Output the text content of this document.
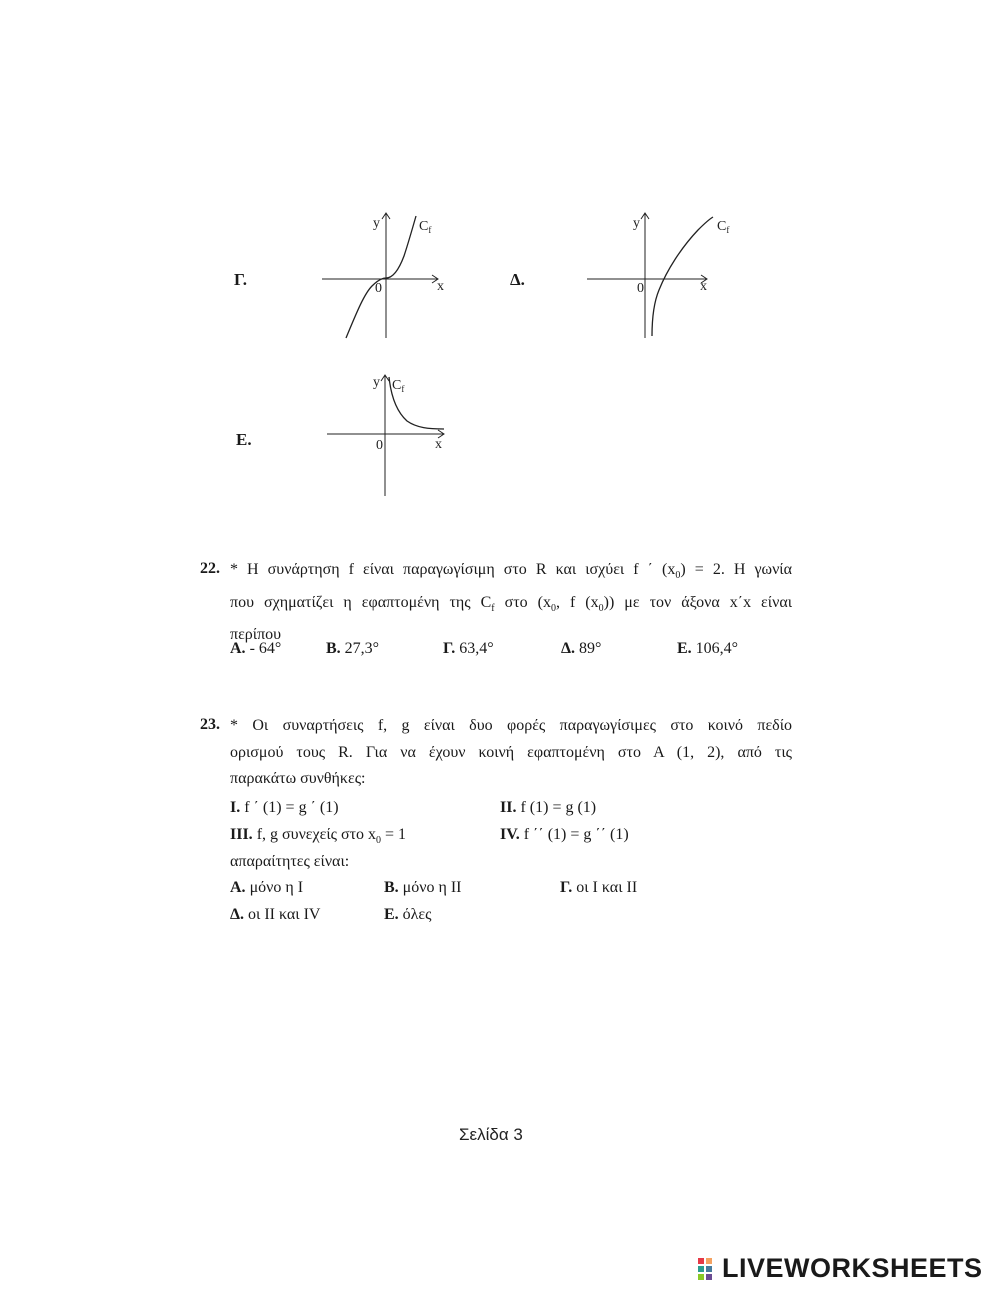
Γ.
y
x
0
$C_f$
Δ.
y
x
0
$C_f$
Ε.
y
x
0
$C_f$
22. * Η συνάρτηση f είναι παραγωγίσιμη στο R και ισχύει f ΄ $(x_0) = 2$. Η γωνία
που σχηματίζει η εφαπτομένη της $C_f$ στο ($x_0$, f $(x_0)$) με τον άξονα x΄x είναι
περίπου
Α. - 64°	Β. 27,3°	Γ. 63,4°	Δ. 89°	Ε. 106,4°
23. * Οι συναρτήσεις f, g είναι δυο φορές παραγωγίσιμες στο κοινό πεδίο
ορισμού τους R. Για να έχουν κοινή εφαπτομένη στο Α (1, 2), από τις
παρακάτω συνθήκες:
Ι. f ΄ (1) = g ΄ (1)	ΙΙ. f (1) = g (1)
ΙΙΙ. f, g συνεχείς στο $x_0 = 1$	ΙV. f ΄΄ (1) = g ΄΄ (1)
απαραίτητες είναι:
Α. μόνο η Ι	Β. μόνο η ΙΙ	Γ. οι Ι και ΙΙ
Δ. οι ΙΙ και ΙV	Ε. όλες
Σελίδα 3
LIVEWORKSHEETS
